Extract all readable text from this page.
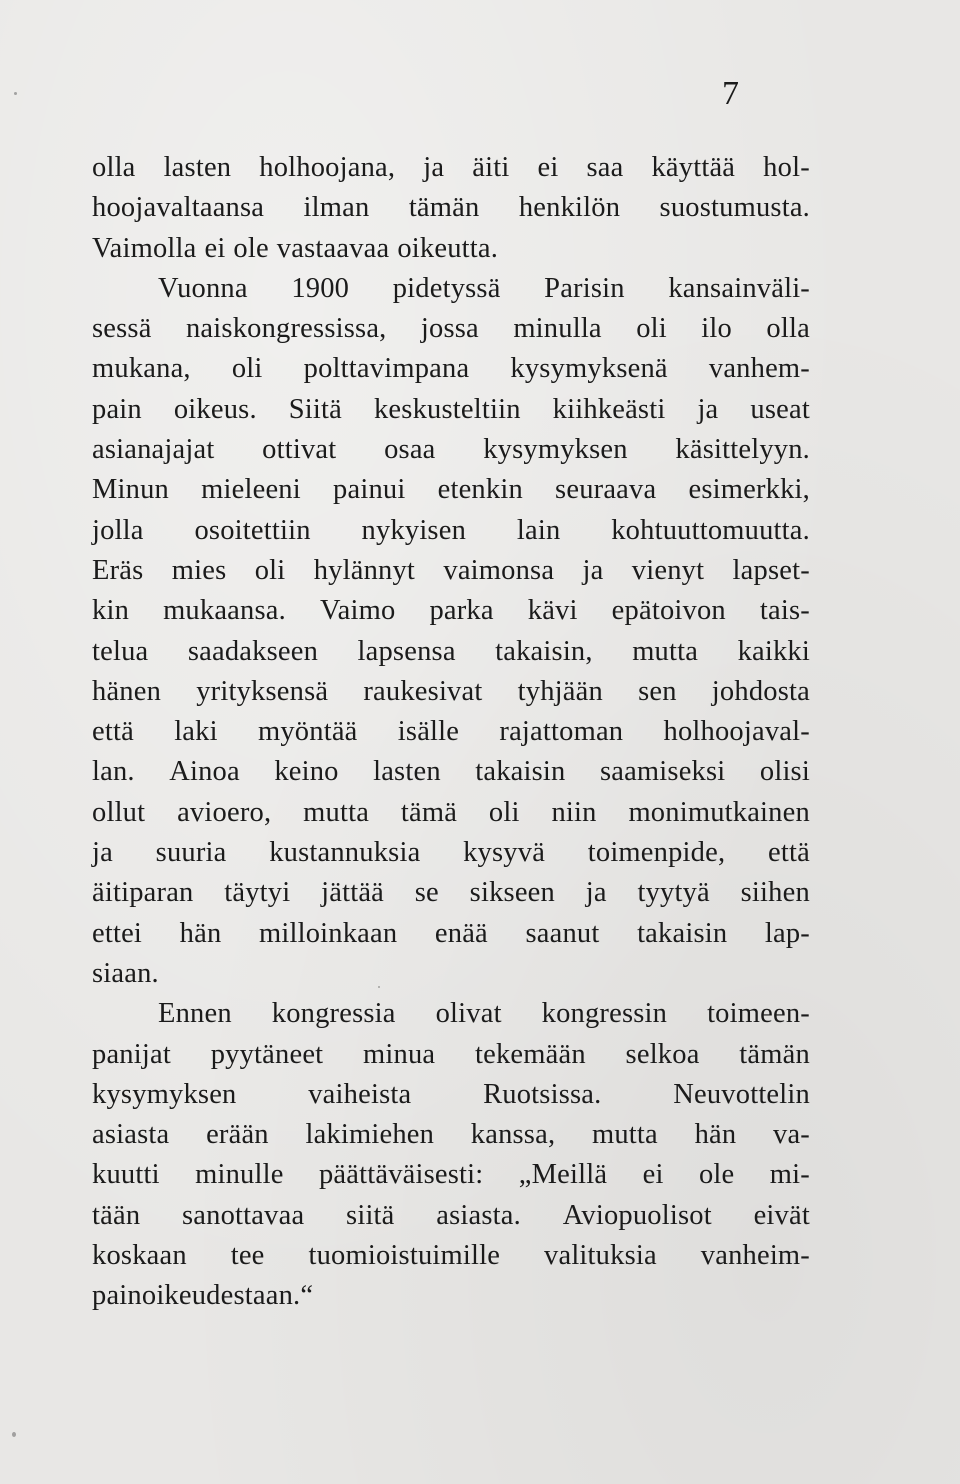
7
olla lasten holhoojana, ja äiti ei saa käyttää hol-
hoojavaltaansa ilman tämän henkilön suostumusta.
Vaimolla ei ole vastaavaa oikeutta.
Vuonna 1900 pidetyssä Parisin kansainväli-
sessä naiskongressissa, jossa minulla oli ilo olla
mukana, oli polttavimpana kysymyksenä vanhem-
pain oikeus. Siitä keskusteltiin kiihkeästi ja useat
asianajajat ottivat osaa kysymyksen käsittelyyn.
Minun mieleeni painui etenkin seuraava esimerkki,
jolla osoitettiin nykyisen lain kohtuuttomuutta.
Eräs mies oli hylännyt vaimonsa ja vienyt lapset-
kin mukaansa. Vaimo parka kävi epätoivon tais-
telua saadakseen lapsensa takaisin, mutta kaikki
hänen yrityksensä raukesivat tyhjään sen johdosta
että laki myöntää isälle rajattoman holhoojaval-
lan. Ainoa keino lasten takaisin saamiseksi olisi
ollut avioero, mutta tämä oli niin monimutkainen
ja suuria kustannuksia kysyvä toimenpide, että
äitiparan täytyi jättää se sikseen ja tyytyä siihen
ettei hän milloinkaan enää saanut takaisin lap-
siaan.
Ennen kongressia olivat kongressin toimeen-
panijat pyytäneet minua tekemään selkoa tämän
kysymyksen	vaiheista	Ruotsissa.	Neuvottelin
asiasta erään lakimiehen kanssa, mutta hän va-
kuutti minulle päättäväisesti: „Meillä ei ole mi-
tään sanottavaa siitä asiasta. Aviopuolisot eivät
koskaan tee tuomioistuimille valituksia vanheim-
painoikeudestaan.“
